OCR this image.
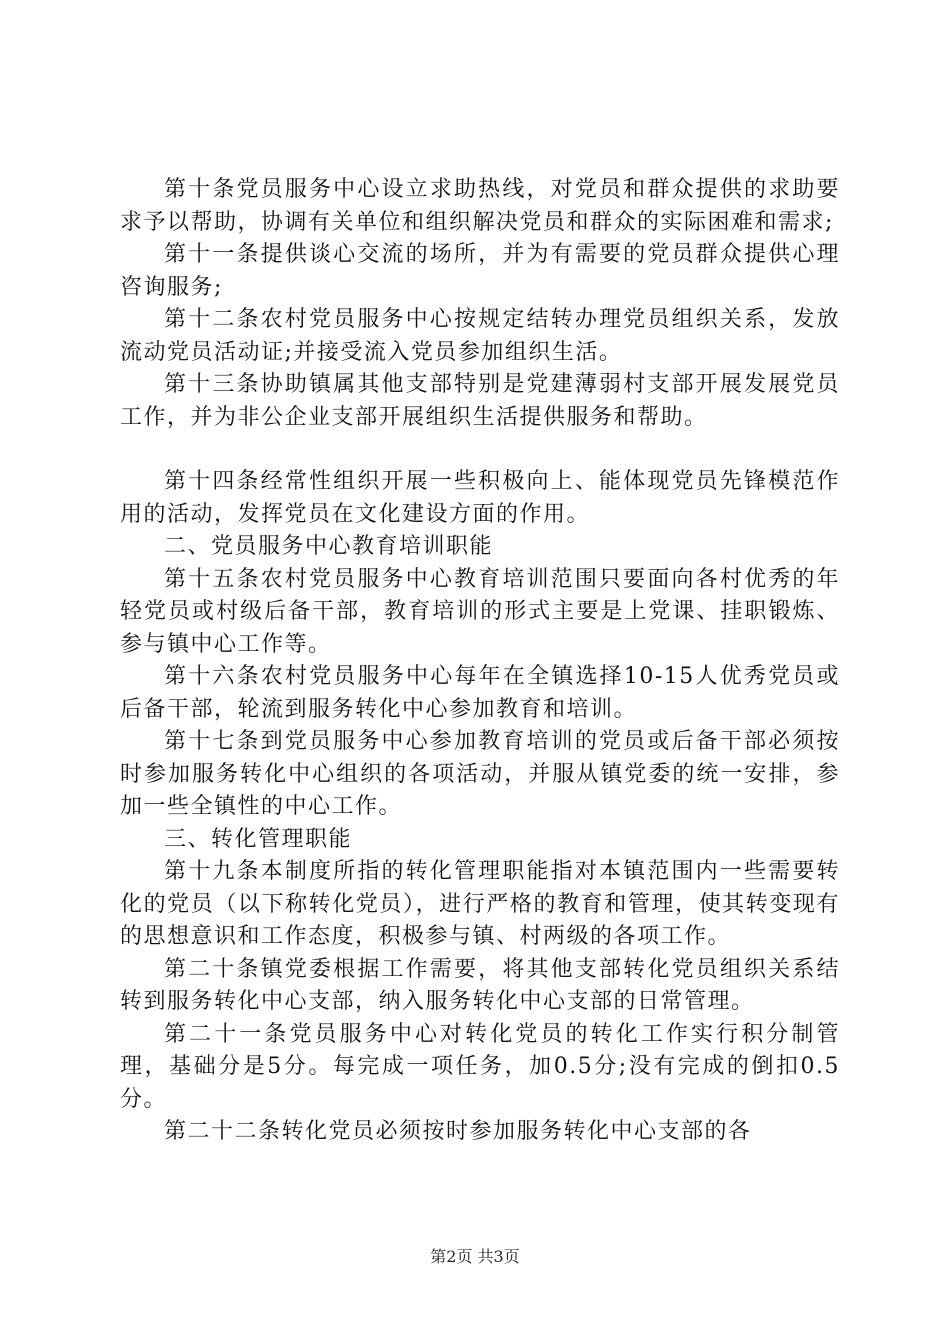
第十条党员服务中心设立求助热线，对党员和群众提供的求助要求予以帮助，协调有关单位和组织解决党员和群众的实际困难和需求;

第十一条提供谈心交流的场所，并为有需要的党员群众提供心理咨询服务;

第十二条农村党员服务中心按规定结转办理党员组织关系，发放流动党员活动证;并接受流入党员参加组织生活。

第十三条协助镇属其他支部特别是党建薄弱村支部开展发展党员工作，并为非公企业支部开展组织生活提供服务和帮助。

第十四条经常性组织开展一些积极向上、能体现党员先锋模范作用的活动，发挥党员在文化建设方面的作用。

二、党员服务中心教育培训职能

第十五条农村党员服务中心教育培训范围只要面向各村优秀的年轻党员或村级后备干部，教育培训的形式主要是上党课、挂职锻炼、参与镇中心工作等。

第十六条农村党员服务中心每年在全镇选择10-15人优秀党员或后备干部，轮流到服务转化中心参加教育和培训。

第十七条到党员服务中心参加教育培训的党员或后备干部必须按时参加服务转化中心组织的各项活动，并服从镇党委的统一安排，参加一些全镇性的中心工作。

三、转化管理职能

第十九条本制度所指的转化管理职能指对本镇范围内一些需要转化的党员（以下称转化党员），进行严格的教育和管理，使其转变现有的思想意识和工作态度，积极参与镇、村两级的各项工作。

第二十条镇党委根据工作需要，将其他支部转化党员组织关系结转到服务转化中心支部，纳入服务转化中心支部的日常管理。

第二十一条党员服务中心对转化党员的转化工作实行积分制管理，基础分是5分。每完成一项任务，加0.5分;没有完成的倒扣0.5分。

第二十二条转化党员必须按时参加服务转化中心支部的各

第2页 共3页
